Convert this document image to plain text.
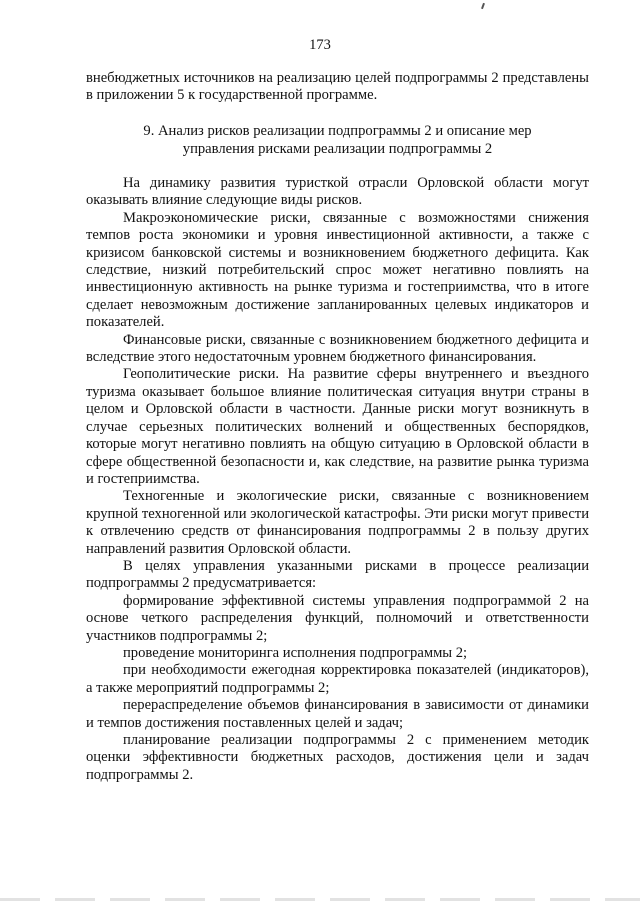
173

внебюджетных источников на реализацию целей подпрограммы 2 представлены в приложении 5 к государственной программе.

9. Анализ рисков реализации подпрограммы 2 и описание мер
управления рисками реализации подпрограммы 2

На динамику развития туристкой отрасли Орловской области могут оказывать влияние следующие виды рисков.

Макроэкономические риски, связанные с возможностями снижения темпов роста экономики и уровня инвестиционной активности, а также с кризисом банковской системы и возникновением бюджетного дефицита. Как следствие, низкий потребительский спрос может негативно повлиять на инвестиционную активность на рынке туризма и гостеприимства, что в итоге сделает невозможным достижение запланированных целевых индикаторов и показателей.

Финансовые риски, связанные с возникновением бюджетного дефицита и вследствие этого недостаточным уровнем бюджетного финансирования.

Геополитические риски. На развитие сферы внутреннего и въездного туризма оказывает большое влияние политическая ситуация внутри страны в целом и Орловской области в частности. Данные риски могут возникнуть в случае серьезных политических волнений и общественных беспорядков, которые могут негативно повлиять на общую ситуацию в Орловской области в сфере общественной безопасности и, как следствие, на развитие рынка туризма и гостеприимства.

Техногенные и экологические риски, связанные с возникновением крупной техногенной или экологической катастрофы. Эти риски могут привести к отвлечению средств от финансирования подпрограммы 2 в пользу других направлений развития Орловской области.

В целях управления указанными рисками в процессе реализации подпрограммы 2 предусматривается:

формирование эффективной системы управления подпрограммой 2 на основе четкого распределения функций, полномочий и ответственности участников подпрограммы 2;

проведение мониторинга исполнения подпрограммы 2;

при необходимости ежегодная корректировка показателей (индикаторов), а также мероприятий подпрограммы 2;

перераспределение объемов финансирования в зависимости от динамики и темпов достижения поставленных целей и задач;

планирование реализации подпрограммы 2 с применением методик оценки эффективности бюджетных расходов, достижения цели и задач подпрограммы 2.
